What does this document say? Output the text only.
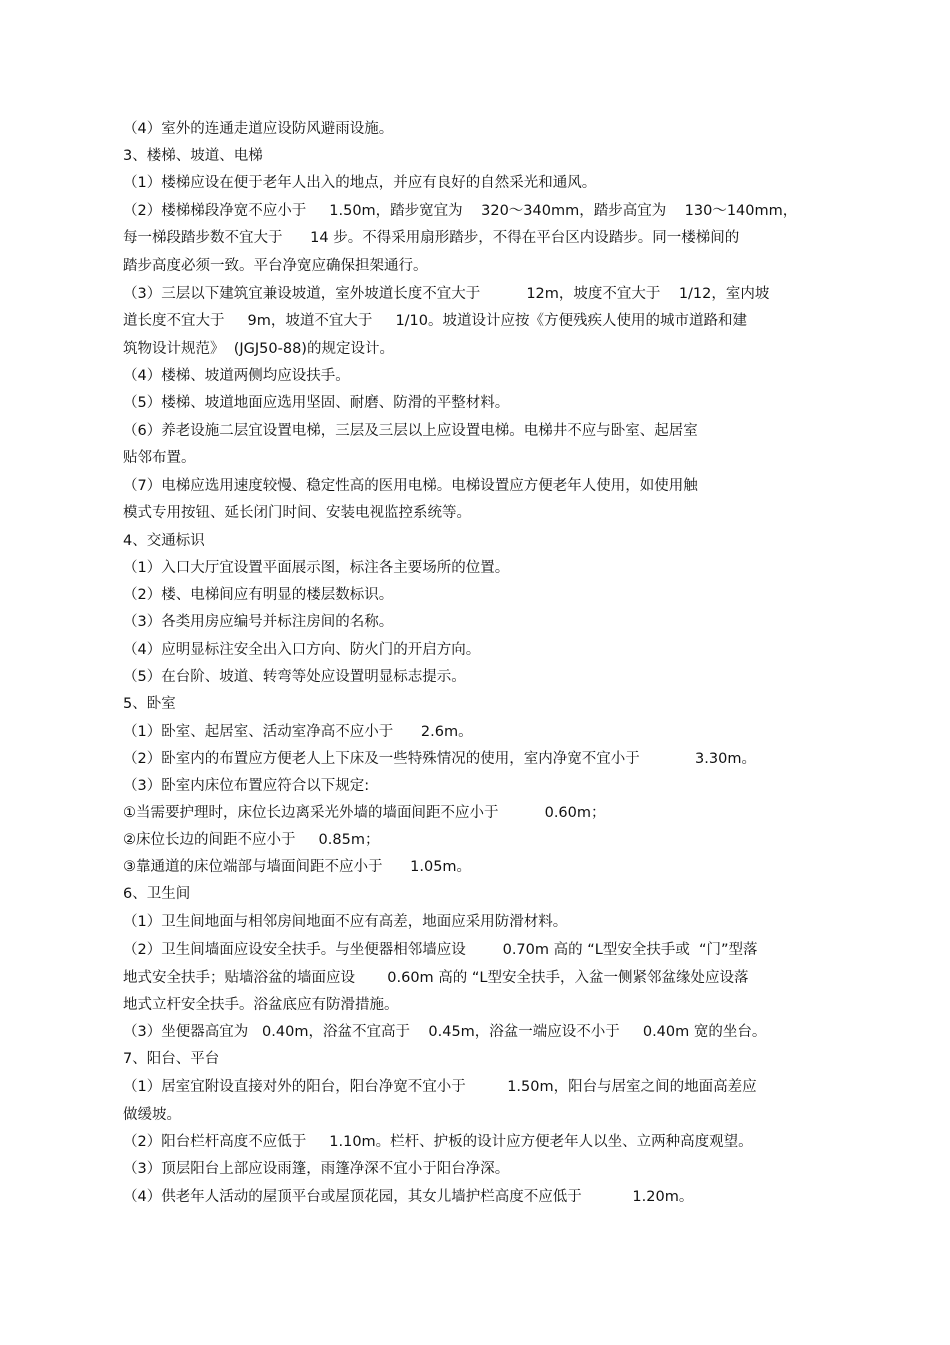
（4）室外的连通走道应设防风避雨设施。
3、楼梯、坡道、电梯
（1）楼梯应设在便于老年人出入的地点，并应有良好的自然采光和通风。
（2）楼梯梯段净宽不应小于     1.50m，踏步宽宜为    320～340mm，踏步高宜为    130～140mm，
每一梯段踏步数不宜大于      14 步。不得采用扇形踏步，不得在平台区内设踏步。同一楼梯间的
踏步高度必须一致。平台净宽应确保担架通行。
（3）三层以下建筑宜兼设坡道，室外坡道长度不宜大于          12m，坡度不宜大于    1/12，室内坡
道长度不宜大于     9m，坡道不宜大于     1/10。坡道设计应按《方便残疾人使用的城市道路和建
筑物设计规范》  (JGJ50-88)的规定设计。
（4）楼梯、坡道两侧均应设扶手。
（5）楼梯、坡道地面应选用坚固、耐磨、防滑的平整材料。
（6）养老设施二层宜设置电梯，三层及三层以上应设置电梯。电梯井不应与卧室、起居室
贴邻布置。
（7）电梯应选用速度较慢、稳定性高的医用电梯。电梯设置应方便老年人使用，如使用触
模式专用按钮、延长闭门时间、安装电视监控系统等。
4、交通标识
（1）入口大厅宜设置平面展示图，标注各主要场所的位置。
（2）楼、电梯间应有明显的楼层数标识。
（3）各类用房应编号并标注房间的名称。
（4）应明显标注安全出入口方向、防火门的开启方向。
（5）在台阶、坡道、转弯等处应设置明显标志提示。
5、卧室
（1）卧室、起居室、活动室净高不应小于      2.6m。
（2）卧室内的布置应方便老人上下床及一些特殊情况的使用，室内净宽不宜小于            3.30m。
（3）卧室内床位布置应符合以下规定:
①当需要护理时，床位长边离采光外墙的墙面间距不应小于          0.60m；
②床位长边的间距不应小于     0.85m；
③靠通道的床位端部与墙面间距不应小于      1.05m。
6、卫生间
（1）卫生间地面与相邻房间地面不应有高差，地面应采用防滑材料。
（2）卫生间墙面应设安全扶手。与坐便器相邻墙应设        0.70m 高的 “L型安全扶手或  “门”型落
地式安全扶手；贴墙浴盆的墙面应设       0.60m 高的 “L型安全扶手，入盆一侧紧邻盆缘处应设落
地式立杆安全扶手。浴盆底应有防滑措施。
（3）坐便器高宜为   0.40m，浴盆不宜高于    0.45m，浴盆一端应设不小于     0.40m 宽的坐台。
7、阳台、平台
（1）居室宜附设直接对外的阳台，阳台净宽不宜小于         1.50m，阳台与居室之间的地面高差应
做缓坡。
（2）阳台栏杆高度不应低于     1.10m。栏杆、护板的设计应方便老年人以坐、立两种高度观望。
（3）顶层阳台上部应设雨篷，雨篷净深不宜小于阳台净深。
（4）供老年人活动的屋顶平台或屋顶花园，其女儿墙护栏高度不应低于           1.20m。
